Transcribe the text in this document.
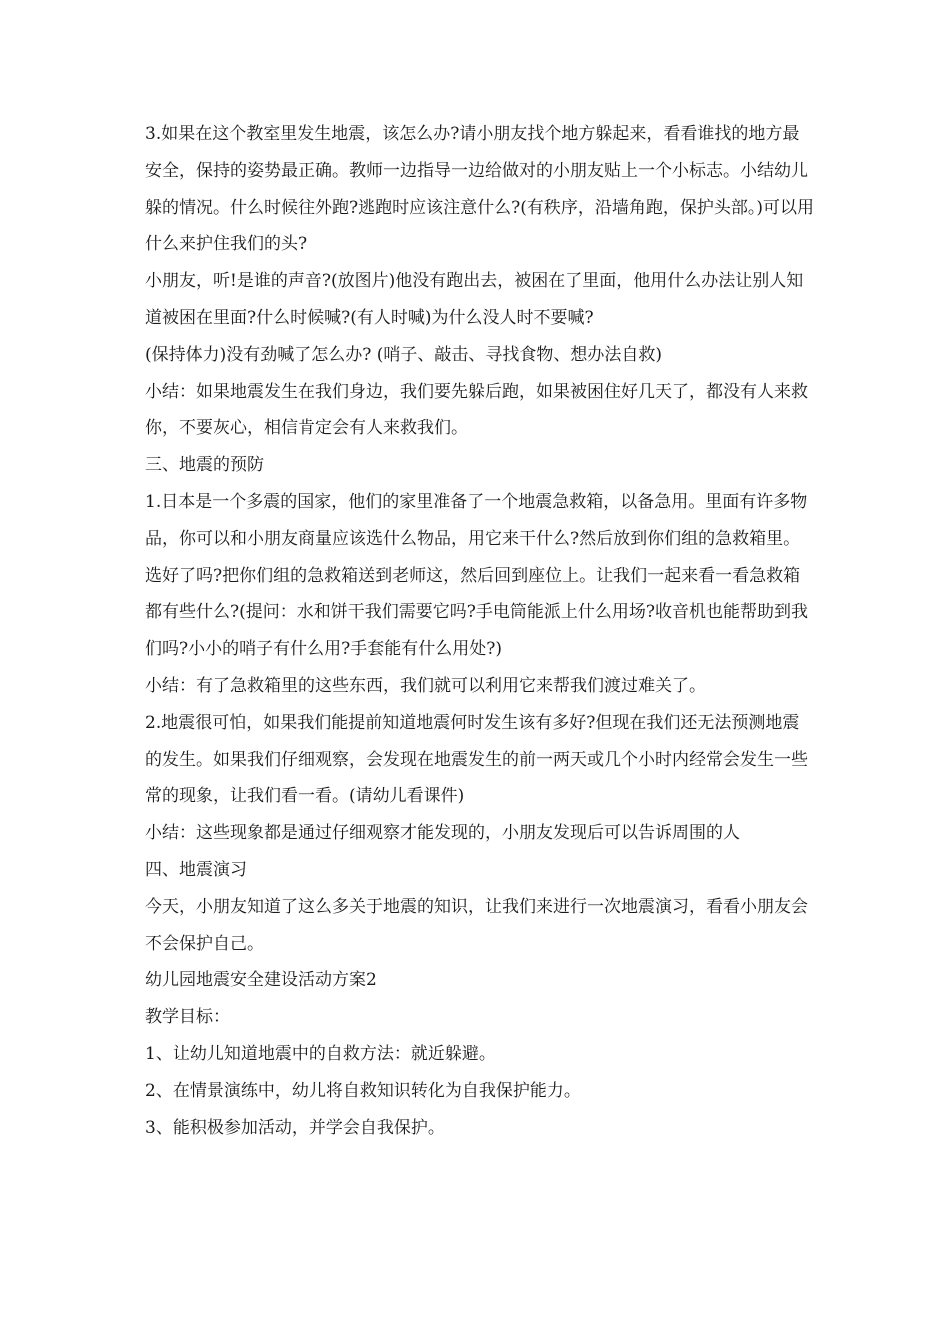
3.如果在这个教室里发生地震，该怎么办?请小朋友找个地方躲起来，看看谁找的地方最安全，保持的姿势最正确。教师一边指导一边给做对的小朋友贴上一个小标志。小结幼儿躲的情况。什么时候往外跑?逃跑时应该注意什么?(有秩序，沿墙角跑，保护头部。)可以用什么来护住我们的头?

小朋友，听!是谁的声音?(放图片)他没有跑出去，被困在了里面，他用什么办法让别人知道被困在里面?什么时候喊?(有人时喊)为什么没人时不要喊?

(保持体力)没有劲喊了怎么办? (哨子、敲击、寻找食物、想办法自救)

小结：如果地震发生在我们身边，我们要先躲后跑，如果被困住好几天了，都没有人来救你，不要灰心，相信肯定会有人来救我们。

三、地震的预防

1.日本是一个多震的国家，他们的家里准备了一个地震急救箱，以备急用。里面有许多物品，你可以和小朋友商量应该选什么物品，用它来干什么?然后放到你们组的急救箱里。选好了吗?把你们组的急救箱送到老师这，然后回到座位上。让我们一起来看一看急救箱都有些什么?(提问：水和饼干我们需要它吗?手电筒能派上什么用场?收音机也能帮助到我们吗?小小的哨子有什么用?手套能有什么用处?)

小结：有了急救箱里的这些东西，我们就可以利用它来帮我们渡过难关了。

2.地震很可怕，如果我们能提前知道地震何时发生该有多好?但现在我们还无法预测地震的发生。如果我们仔细观察，会发现在地震发生的前一两天或几个小时内经常会发生一些常的现象，让我们看一看。(请幼儿看课件)

小结：这些现象都是通过仔细观察才能发现的，小朋友发现后可以告诉周围的人

四、地震演习

今天，小朋友知道了这么多关于地震的知识，让我们来进行一次地震演习，看看小朋友会不会保护自己。

幼儿园地震安全建设活动方案2

教学目标：

1、让幼儿知道地震中的自救方法：就近躲避。

2、在情景演练中，幼儿将自救知识转化为自我保护能力。

3、能积极参加活动，并学会自我保护。
